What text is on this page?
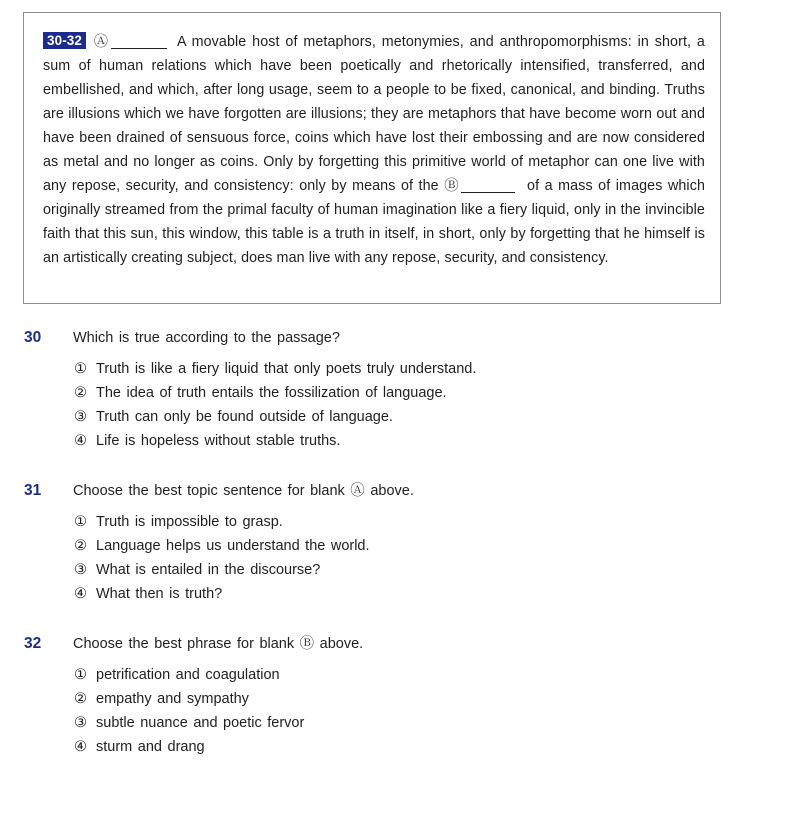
30-32 Ⓐ	A movable host of metaphors, metonymies, and anthropomorphisms: in short, a sum of human relations which have been poetically and rhetorically intensified, transferred, and embellished, and which, after long usage, seem to a people to be fixed, canonical, and binding. Truths are illusions which we have forgotten are illusions; they are metaphors that have become worn out and have been drained of sensuous force, coins which have lost their embossing and are now considered as metal and no longer as coins. Only by forgetting this primitive world of metaphor can one live with any repose, security, and consistency: only by means of the Ⓑ	of a mass of images which originally streamed from the primal faculty of human imagination like a fiery liquid, only in the invincible faith that this sun, this window, this table is a truth in itself, in short, only by forgetting that he himself is an artistically creating subject, does man live with any repose, security, and consistency.

30 Which is true according to the passage?
① Truth is like a fiery liquid that only poets truly understand.
② The idea of truth entails the fossilization of language.
③ Truth can only be found outside of language.
④ Life is hopeless without stable truths.
31 Choose the best topic sentence for blank Ⓐ above.
① Truth is impossible to grasp.
② Language helps us understand the world.
③ What is entailed in the discourse?
④ What then is truth?
32 Choose the best phrase for blank Ⓑ above.
① petrification and coagulation
② empathy and sympathy
③ subtle nuance and poetic fervor
④ sturm and drang
